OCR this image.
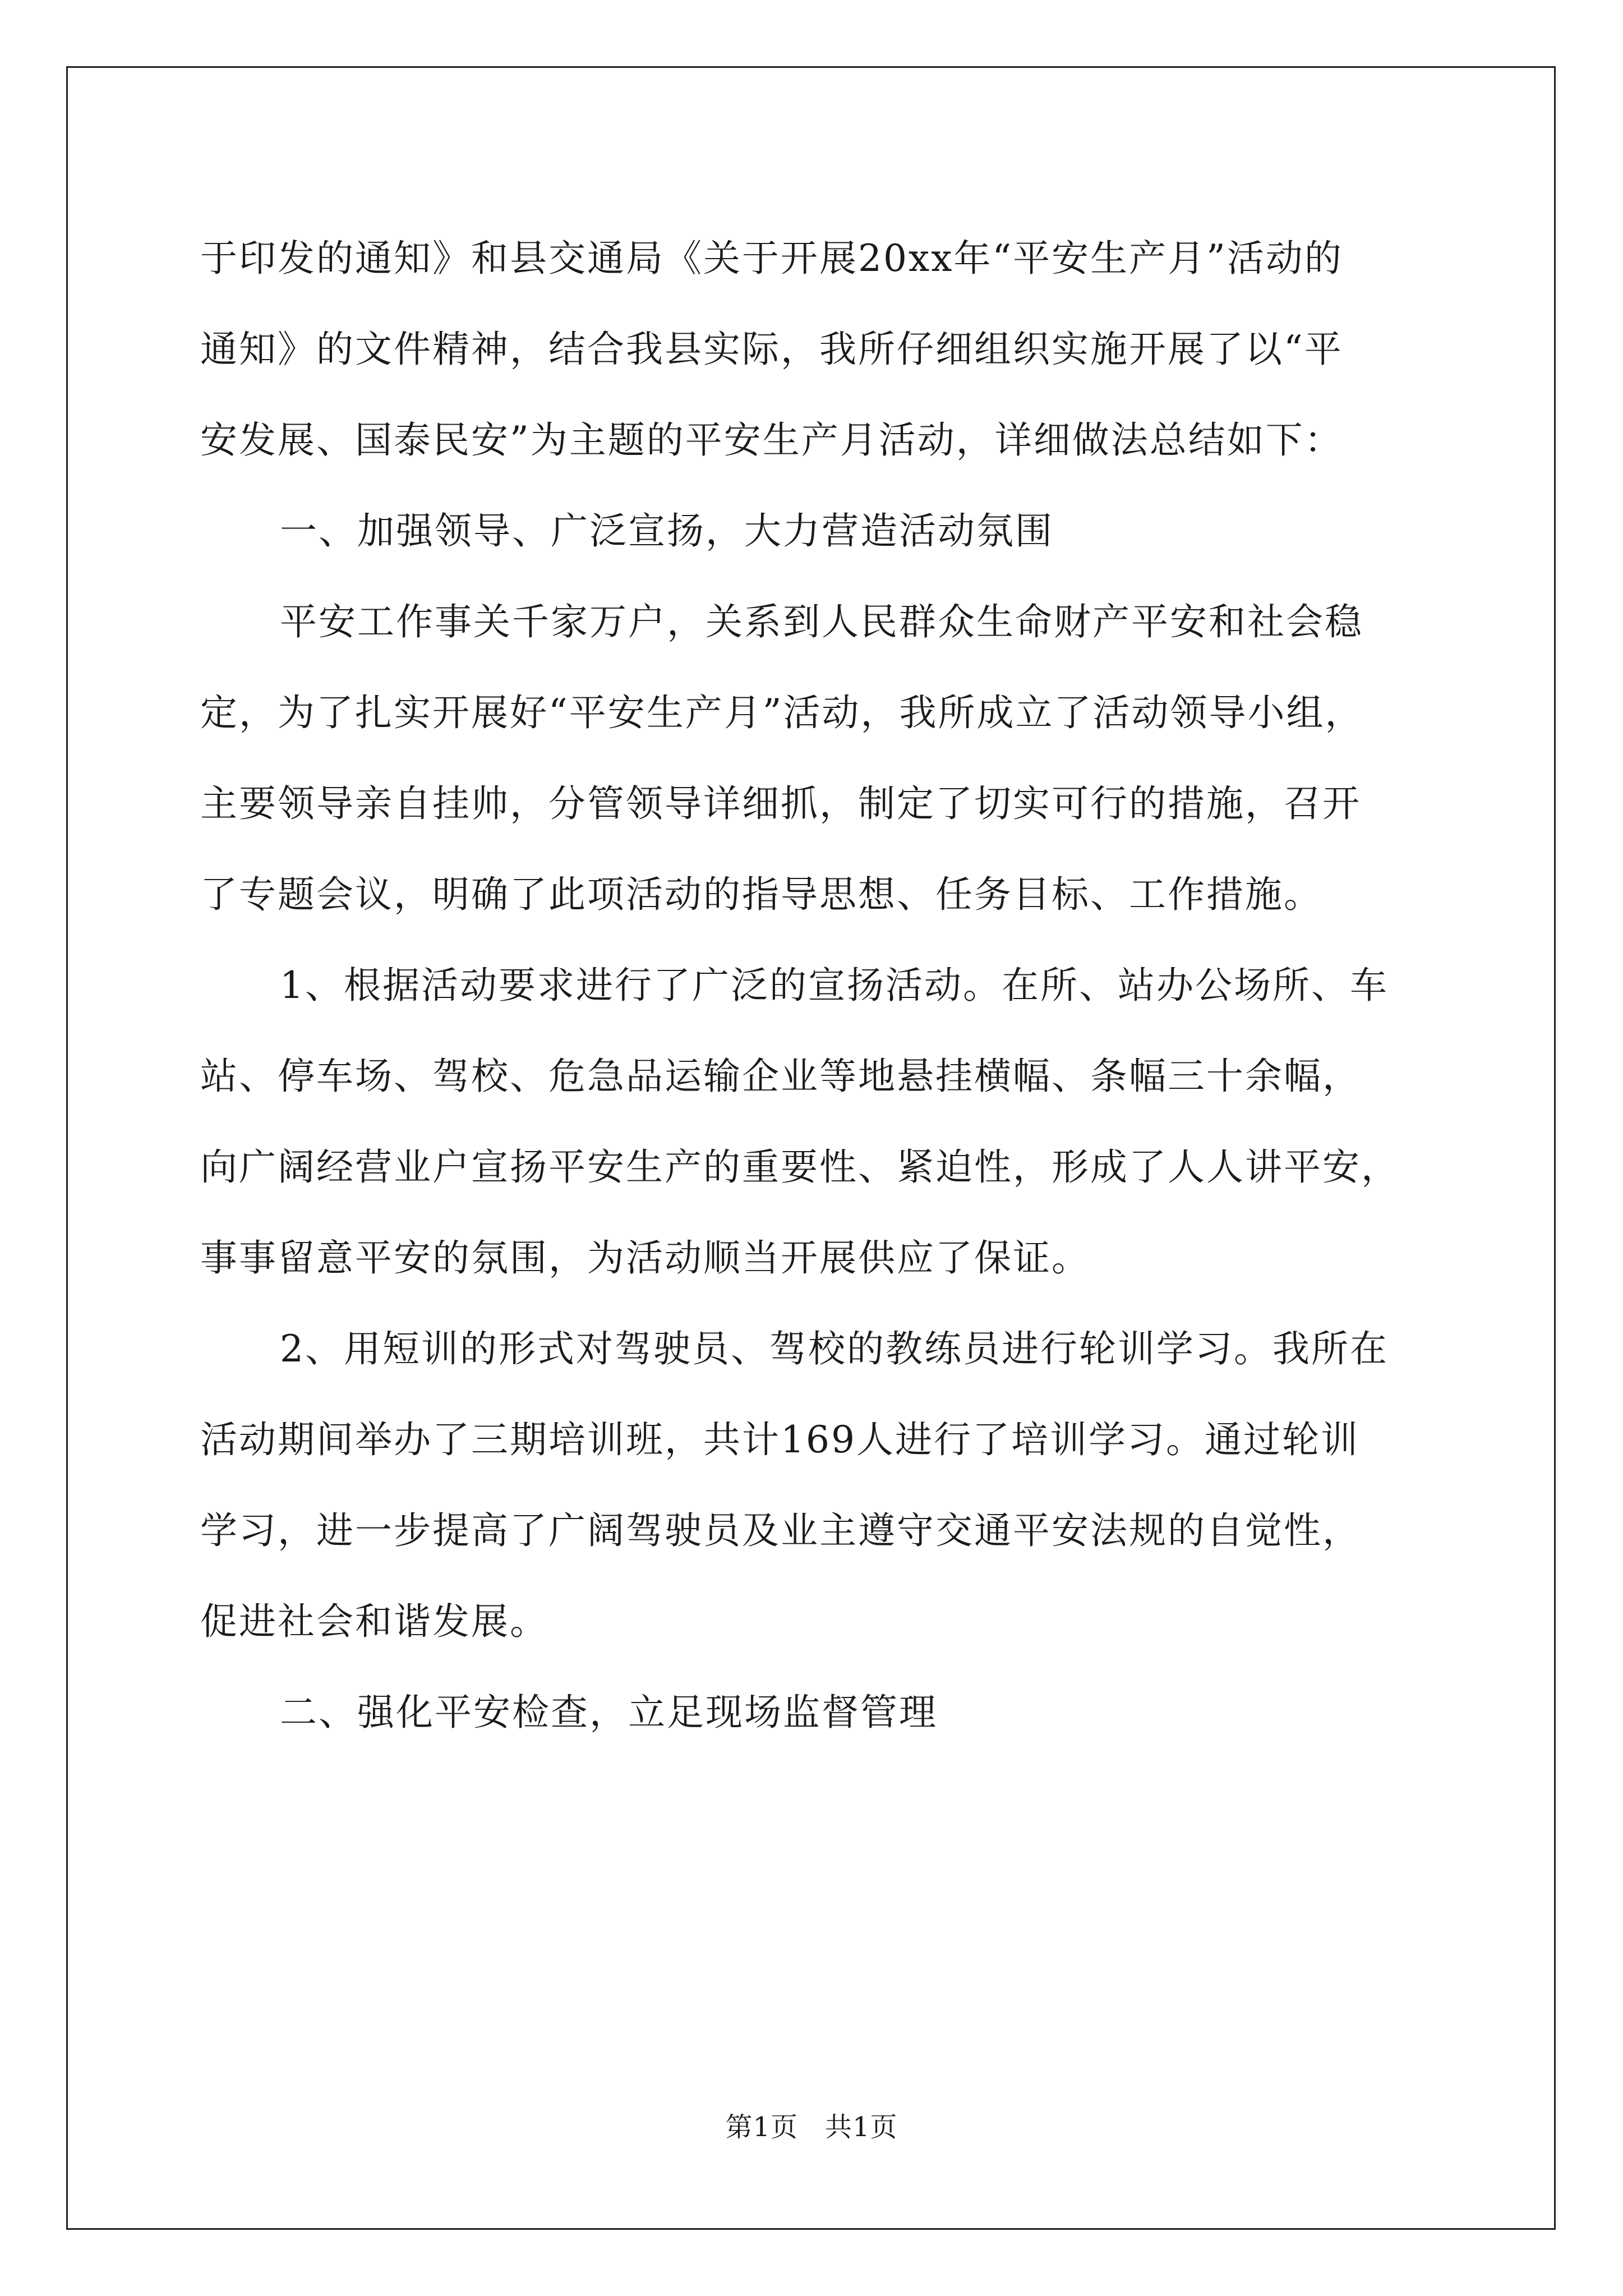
于印发的通知》和县交通局《关于开展20xx年“平安生产月”活动的
通知》的文件精神，结合我县实际，我所仔细组织实施开展了以“平
安发展、国泰民安”为主题的平安生产月活动，详细做法总结如下：
一、加强领导、广泛宣扬，大力营造活动氛围
平安工作事关千家万户，关系到人民群众生命财产平安和社会稳
定，为了扎实开展好“平安生产月”活动，我所成立了活动领导小组，
主要领导亲自挂帅，分管领导详细抓，制定了切实可行的措施，召开
了专题会议，明确了此项活动的指导思想、任务目标、工作措施。
1、根据活动要求进行了广泛的宣扬活动。在所、站办公场所、车
站、停车场、驾校、危急品运输企业等地悬挂横幅、条幅三十余幅，
向广阔经营业户宣扬平安生产的重要性、紧迫性，形成了人人讲平安，
事事留意平安的氛围，为活动顺当开展供应了保证。
2、用短训的形式对驾驶员、驾校的教练员进行轮训学习。我所在
活动期间举办了三期培训班，共计169人进行了培训学习。通过轮训
学习，进一步提高了广阔驾驶员及业主遵守交通平安法规的自觉性，
促进社会和谐发展。
二、强化平安检查，立足现场监督管理
第1页 共1页
